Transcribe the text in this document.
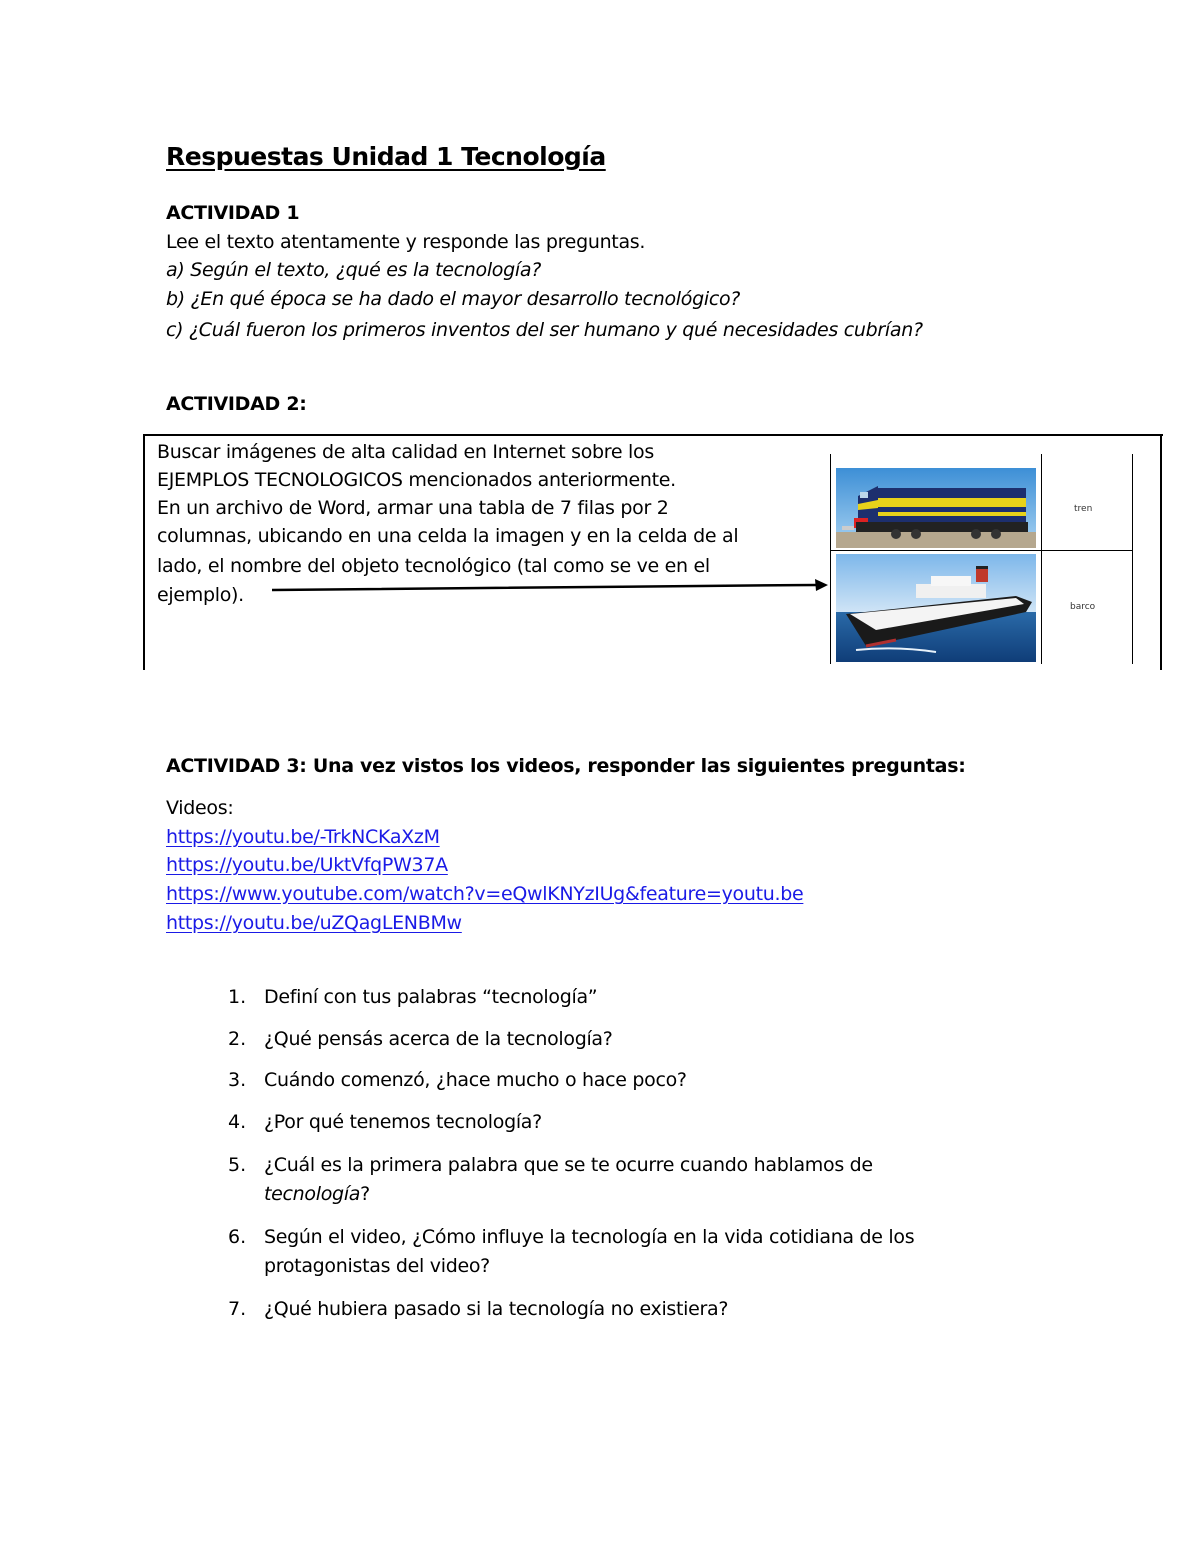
Respuestas Unidad 1 Tecnología
ACTIVIDAD 1
Lee el texto atentamente y responde las preguntas.
a) Según el texto, ¿qué es la tecnología?
b) ¿En qué época se ha dado el mayor desarrollo tecnológico?
c) ¿Cuál fueron los primeros inventos del ser humano y qué necesidades cubrían?
ACTIVIDAD 2:
Buscar imágenes de alta calidad en Internet sobre los
EJEMPLOS TECNOLOGICOS mencionados anteriormente.
En un archivo de Word, armar una tabla de 7 filas por 2
columnas, ubicando en una celda la imagen y en la celda de al
lado, el nombre del objeto tecnológico (tal como se ve en el
ejemplo).
tren
barco
ACTIVIDAD 3: Una vez vistos los videos, responder las siguientes preguntas:
Videos:
https://youtu.be/-TrkNCKaXzM
https://youtu.be/UktVfqPW37A
https://www.youtube.com/watch?v=eQwlKNYzIUg&feature=youtu.be
https://youtu.be/uZQagLENBMw
1. Definí con tus palabras “tecnología”
2. ¿Qué pensás acerca de la tecnología?
3. Cuándo comenzó, ¿hace mucho o hace poco?
4. ¿Por qué tenemos tecnología?
5. ¿Cuál es la primera palabra que se te ocurre cuando hablamos de tecnología?
6. Según el video, ¿Cómo influye la tecnología en la vida cotidiana de los protagonistas del video?
7. ¿Qué hubiera pasado si la tecnología no existiera?
